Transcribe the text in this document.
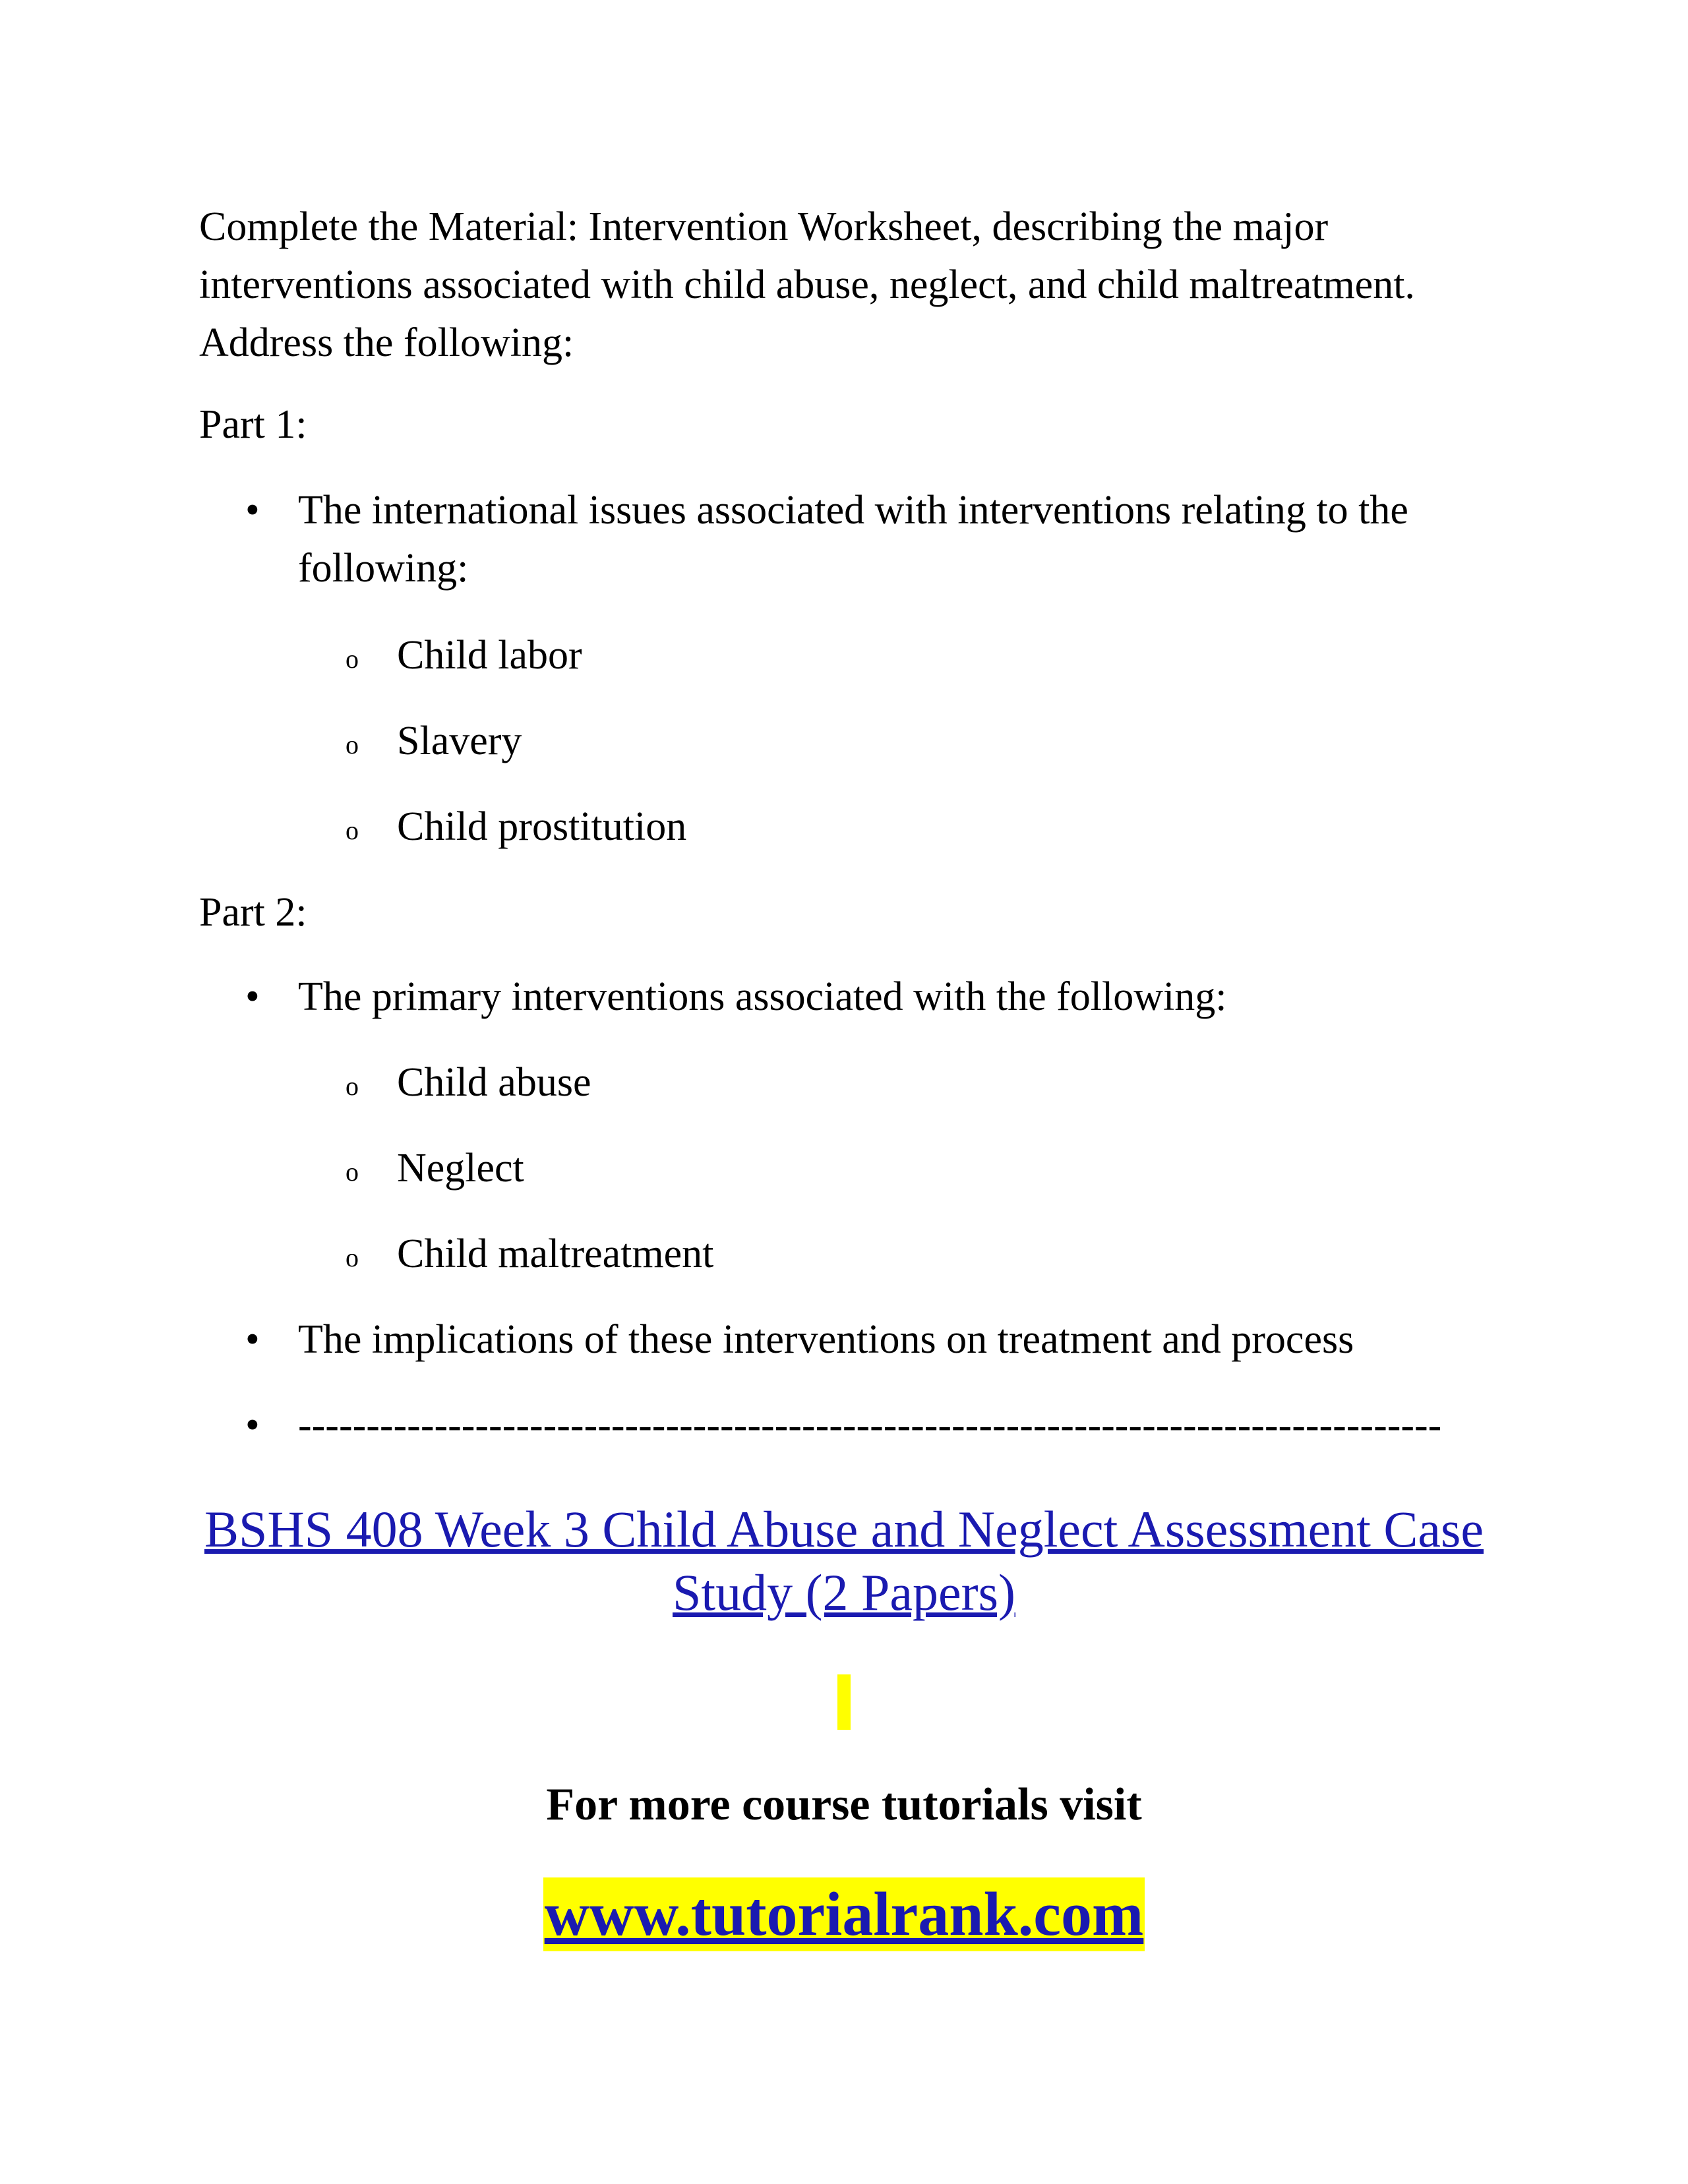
Complete the Material: Intervention Worksheet, describing the major interventions associated with child abuse, neglect, and child maltreatment. Address the following:

Part 1:

• The international issues associated with interventions relating to the following:
o Child labor
o Slavery
o Child prostitution

Part 2:

• The primary interventions associated with the following:
o Child abuse
o Neglect
o Child maltreatment
• The implications of these interventions on treatment and process
• ------------------------------------------------------------------------------------
BSHS 408 Week 3 Child Abuse and Neglect Assessment Case Study (2 Papers)
For more course tutorials visit
www.tutorialrank.com
